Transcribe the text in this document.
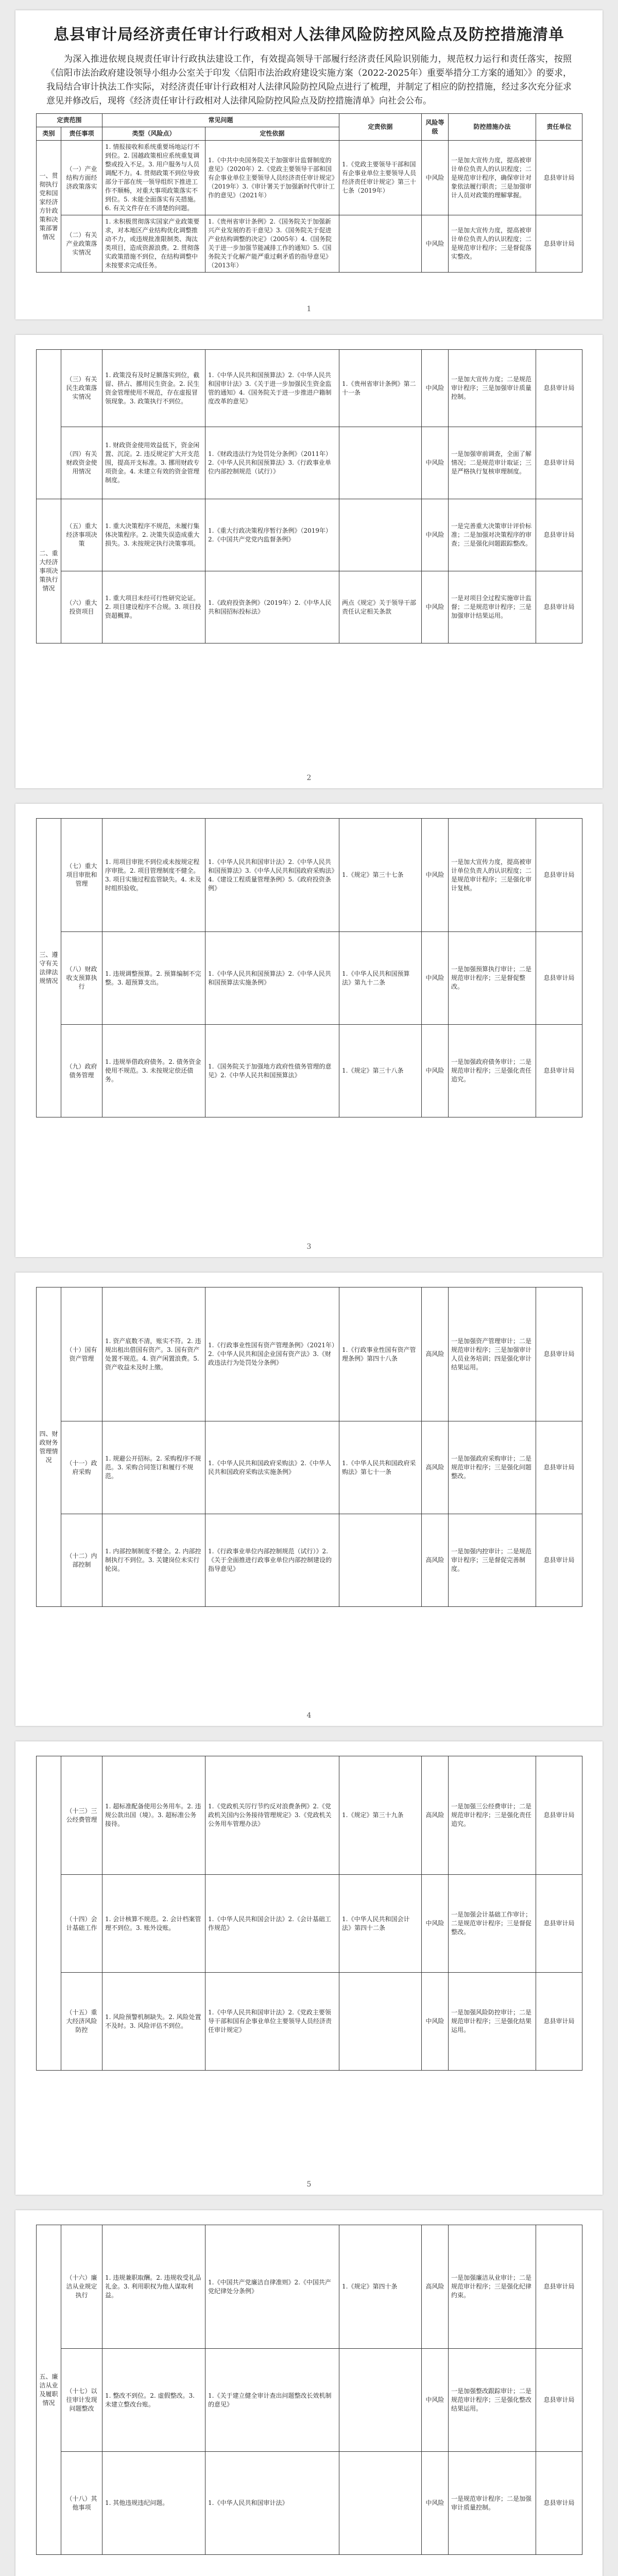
息县审计局经济责任审计行政相对人法律风险防控风险点及防控措施清单
为深入推进依规良规责任审计行政执法建设工作，有效提高领导干部履行经济责任风险识别能力，规范权力运行和责任落实，按照《信阳市法治政府建设领导小组办公室关于印发〈信阳市法治政府建设实施方案（2022-2025年）重要举措分工方案的通知〉》的要求，我局结合审计执法工作实际，对经济责任审计行政相对人法律风险防控风险点进行了梳理，并制定了相应的防控措施，经过多次充分征求意见并修改后，现将《经济责任审计行政相对人法律风险防控风险点及防控措施清单》向社会公布。
定责范围		常见问题		定责依据	风险等级	防控措施办法	责任单位
类别	责任事项	类型（风险点）	定性依据				
一、贯彻执行党和国家经济方针政策和决策部署情况	（一）产业结构方面经济政策落实	1. 情报接收和系统重要场地运行不到位。2. 国越政策相应系统重复调整或投入不足。3. 用户服务与人员调配不力。4. 贯彻政策不到位导致部分干部在统一领导组织下推进工作不顺畅，对重大事项政策落实不到位。5. 未能全面落实有关措施。6. 有关文件存在不清楚的问题。	1.《中共中央国务院关于加强审计监督制度的意见》（2020年）2.《党政主要领导干部和国有企事业单位主要领导人员经济责任审计规定》（2019年）3.《审计署关于加强新时代审计工作的意见》（2021年）	1.《党政主要领导干部和国有企事业单位主要领导人员经济责任审计规定》第三十七条（2019年）	中风险	一是加大宣传力度，提高被审计单位负责人的认识程度；二是规范审计程序，确保审计对象依法履行职责；三是加强审计人员对政策的理解掌握。	息县审计局
	（二）有关产业政策落实情况	1. 未积极贯彻落实国家产业政策要求，对本地区产业结构优化调整推动不力，或违规批准限制类、淘汰类项目，造成资源浪费。2. 贯彻落实政策措施不到位，在结构调整中未按要求完成任务。	1.《贵州省审计条例》2.《国务院关于加强新兴产业发展的若干意见》3.《国务院关于促进产业结构调整的决定》（2005年）4.《国务院关于进一步加强节能减排工作的通知》5.《国务院关于化解产能严重过剩矛盾的指导意见》（2013年）		中风险	一是加大宣传力度，提高被审计单位负责人的认识程度；二是规范审计程序；三是督促落实整改。	息县审计局
1
	（三）有关民生政策落实情况	1. 政策没有及时足额落实到位，截留、挤占、挪用民生资金。2. 民生资金管理使用不规范，存在虚报冒领现象。3. 政策执行不到位。	1.《中华人民共和国预算法》2.《中华人民共和国审计法》3.《关于进一步加强民生资金监管的通知》4.《国务院关于进一步推进户籍制度改革的意见》	1.《贵州省审计条例》第二十一条	中风险	一是加大宣传力度；二是规范审计程序；三是加强审计质量控制。	息县审计局
	（四）有关财政资金使用情况	1. 财政资金使用效益低下，资金闲置、沉淀。2. 违反规定扩大开支范围，提高开支标准。3. 挪用财政专项资金。4. 未建立有效的资金管理制度。	1.《财政违法行为处罚处分条例》（2011年）2.《中华人民共和国预算法》3.《行政事业单位内部控制规范（试行）》		中风险	一是加强审前调查，全面了解情况；二是规范审计取证；三是严格执行复核审理制度。	息县审计局
二、重大经济事项决策执行情况	（五）重大经济事项决策	1. 重大决策程序不规范，未履行集体决策程序。2. 决策失误造成重大损失。3. 未按规定执行决策事项。	1.《重大行政决策程序暂行条例》（2019年）2.《中国共产党党内监督条例》		中风险	一是完善重大决策审计评价标准；二是加强对决策程序的审查；三是强化问题跟踪整改。	息县审计局
	（六）重大投资项目	1. 重大项目未经可行性研究论证。2. 项目建设程序不合规。3. 项目投资超概算。	1.《政府投资条例》（2019年）2.《中华人民共和国招标投标法》	两点《规定》关于领导干部责任认定相关条款	中风险	一是对项目全过程实施审计监督；二是规范审计程序；三是加强审计结果运用。	息县审计局
2
三、遵守有关法律法规情况	（七）重大项目审批和管理	1. 用项目审批不到位或未按规定程序审批。2. 项目管理制度不健全。3. 项目实施过程监管缺失。4. 未及时组织验收。	1.《中华人民共和国审计法》2.《中华人民共和国预算法》3.《中华人民共和国政府采购法》4.《建设工程质量管理条例》5.《政府投资条例》	1.《规定》第三十七条	中风险	一是加大宣传力度，提高被审计单位负责人的认识程度；二是规范审计程序；三是强化审计复核。	息县审计局
	（八）财政收支预算执行	1. 违规调整预算。2. 预算编制不完整。3. 超预算支出。	1.《中华人民共和国预算法》2.《中华人民共和国预算法实施条例》	1.《中华人民共和国预算法》第九十二条	中风险	一是加强预算执行审计；二是规范审计程序；三是督促整改。	息县审计局
	（九）政府债务管理	1. 违规举借政府债务。2. 债务资金使用不规范。3. 未按规定偿还债务。	1.《国务院关于加强地方政府性债务管理的意见》2.《中华人民共和国预算法》	1.《规定》第三十八条	中风险	一是加强政府债务审计；二是规范审计程序；三是强化责任追究。	息县审计局
3
四、财政财务管理情况	（十）国有资产管理	1. 资产底数不清，账实不符。2. 违规出租出借国有资产。3. 国有资产处置不规范。4. 资产闲置浪费。5. 资产收益未及时上缴。	1.《行政事业性国有资产管理条例》（2021年）2.《中华人民共和国企业国有资产法》3.《财政违法行为处罚处分条例》	1.《行政事业性国有资产管理条例》第四十八条	高风险	一是加强资产管理审计；二是规范审计程序；三是加强审计人员业务培训；四是强化审计结果运用。	息县审计局
	（十一）政府采购	1. 规避公开招标。2. 采购程序不规范。3. 采购合同签订和履行不规范。	1.《中华人民共和国政府采购法》2.《中华人民共和国政府采购法实施条例》	1.《中华人民共和国政府采购法》第七十一条	高风险	一是加强政府采购审计；二是规范审计程序；三是强化问题整改。	息县审计局
	（十二）内部控制	1. 内部控制制度不健全。2. 内部控制执行不到位。3. 关键岗位未实行轮岗。	1.《行政事业单位内部控制规范（试行）》2.《关于全面推进行政事业单位内部控制建设的指导意见》		高风险	一是加强内控审计；二是规范审计程序；三是督促完善制度。	息县审计局
4
	（十三）三公经费管理	1. 超标准配备使用公务用车。2. 违规公款出国（境）。3. 超标准公务接待。	1.《党政机关厉行节约反对浪费条例》2.《党政机关国内公务接待管理规定》3.《党政机关公务用车管理办法》	1.《规定》第三十九条	高风险	一是加强三公经费审计；二是规范审计程序；三是强化责任追究。	息县审计局
	（十四）会计基础工作	1. 会计核算不规范。2. 会计档案管理不到位。3. 账外设账。	1.《中华人民共和国会计法》2.《会计基础工作规范》	1.《中华人民共和国会计法》第四十二条	中风险	一是加强会计基础工作审计；二是规范审计程序；三是督促整改。	息县审计局
	（十五）重大经济风险防控	1. 风险预警机制缺失。2. 风险处置不及时。3. 风险评估不到位。	1.《中华人民共和国审计法》2.《党政主要领导干部和国有企事业单位主要领导人员经济责任审计规定》		中风险	一是加强风险防控审计；二是规范审计程序；三是强化结果运用。	息县审计局
5
五、廉洁从业及履职情况	（十六）廉洁从业规定执行	1. 违规兼职取酬。2. 违规收受礼品礼金。3. 利用职权为他人谋取利益。	1.《中国共产党廉洁自律准则》2.《中国共产党纪律处分条例》	1.《规定》第四十条	高风险	一是加强廉洁从业审计；二是规范审计程序；三是强化纪律约束。	息县审计局
	（十七）以往审计发现问题整改	1. 整改不到位。2. 虚假整改。3. 未建立整改台账。	1.《关于建立健全审计查出问题整改长效机制的意见》		中风险	一是加强整改跟踪审计；二是规范审计程序；三是强化整改结果运用。	息县审计局
	（十八）其他事项	1. 其他违规违纪问题。	1.《中华人民共和国审计法》		中风险	一是规范审计程序；二是加强审计质量控制。	息县审计局
